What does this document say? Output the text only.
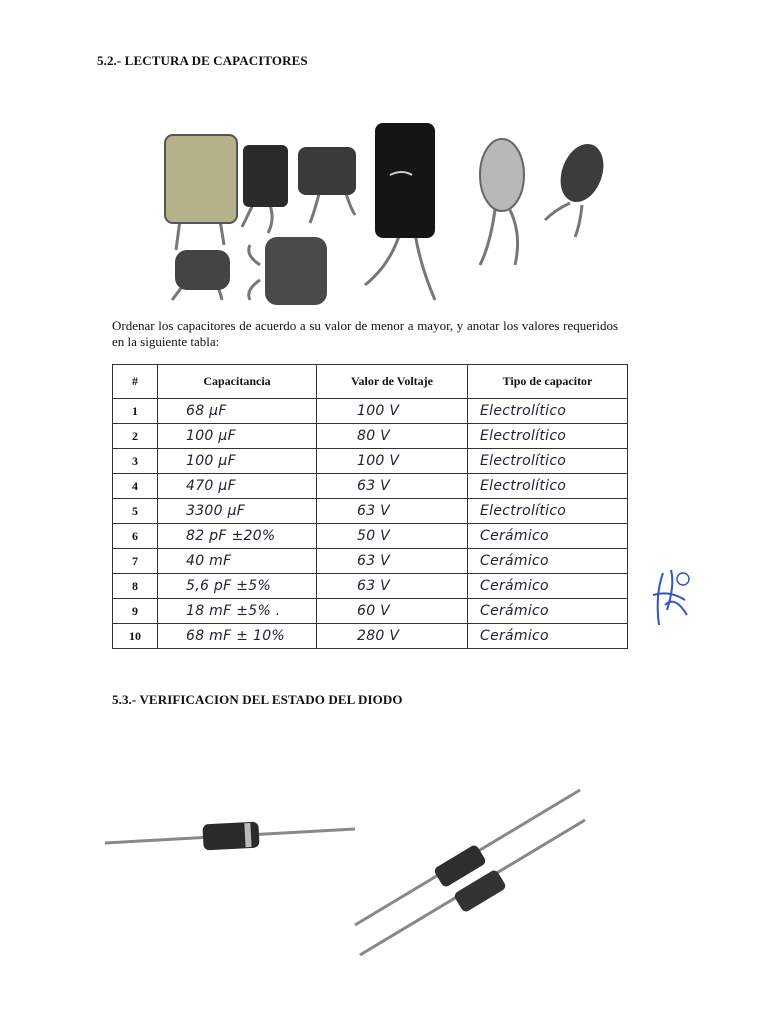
5.2.- LECTURA DE CAPACITORES
Ordenar los capacitores de acuerdo a su valor de menor a mayor, y anotar los valores requeridos en la siguiente tabla:
#	Capacitancia	Valor de Voltaje	Tipo de capacitor
1	68 µF	100 V	Electrolítico
2	100 µF	80 V	Electrolítico
3	100 µF	100 V	Electrolítico
4	470 µF	63 V	Electrolítico
5	3300 µF	63 V	Electrolítico
6	82 pF ±20%	50 V	Cerámico
7	40 mF	63 V	Cerámico
8	5,6 pF ±5%	63 V	Cerámico
9	18 mF ±5% .	60 V	Cerámico
10	68 mF ± 10%	280 V	Cerámico
5.3.- VERIFICACION DEL ESTADO DEL DIODO
